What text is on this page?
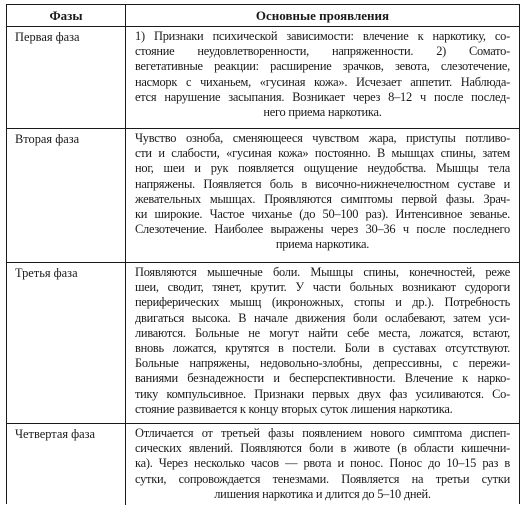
Фазы	Основные проявления
Первая фаза	1) Признаки психической зависимости: влечение к наркотику, со-
стояние неудовлетворенности, напряженности. 2) Сомато-
вегетативные реакции: расширение зрачков, зевота, слезотечение,
насморк с чиханьем, «гусиная кожа». Исчезает аппетит. Наблюда-
ется нарушение засыпания. Возникает через 8–12 ч после послед-
него приема наркотика.
Вторая фаза	Чувство озноба, сменяющееся чувством жара, приступы потливо-
сти и слабости, «гусиная кожа» постоянно. В мышцах спины, затем
ног, шеи и рук появляется ощущение неудобства. Мышцы тела
напряжены. Появляется боль в височно-нижнечелюстном суставе и
жевательных мышцах. Проявляются симптомы первой фазы. Зрач-
ки широкие. Частое чиханье (до 50–100 раз). Интенсивное зеванье.
Слезотечение. Наиболее выражены через 30–36 ч после последнего
приема наркотика.
Третья фаза	Появляются мышечные боли. Мышцы спины, конечностей, реже
шеи, сводит, тянет, крутит. У части больных возникают судороги
периферических мышц (икроножных, стопы и др.). Потребность
двигаться высока. В начале движения боли ослабевают, затем уси-
ливаются. Больные не могут найти себе места, ложатся, встают,
вновь ложатся, крутятся в постели. Боли в суставах отсутствуют.
Больные напряжены, недовольно-злобны, депрессивны, с пережи-
ваниями безнадежности и бесперспективности. Влечение к нарко-
тику компульсивное. Признаки первых двух фаз усиливаются. Со-
стояние развивается к концу вторых суток лишения наркотика.
Четвертая фаза	Отличается от третьей фазы появлением нового симптома диспеп-
сических явлений. Появляются боли в животе (в области кишечни-
ка). Через несколько часов — рвота и понос. Понос до 10–15 раз в
сутки, сопровождается тенезмами. Появляется на третьи сутки
лишения наркотика и длится до 5–10 дней.
